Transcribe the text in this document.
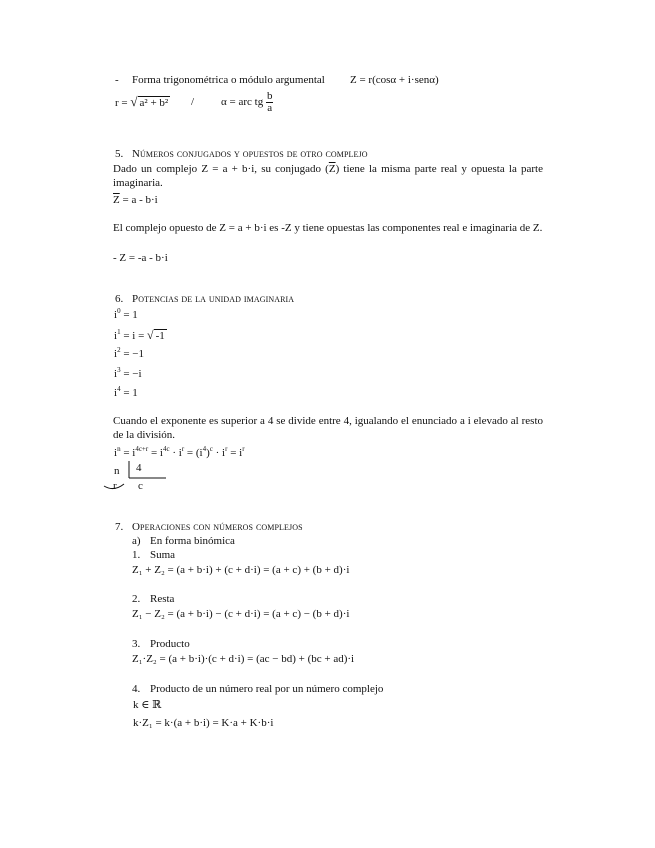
- Forma trigonométrica o módulo argumental Z = r(cosα + i·senα)
r = √ a² + b² / α = arc tg $\frac{b}{a}$
5. Números conjugados y opuestos de otro complejo
Dado un complejo Z = a + b·i, su conjugado $(\overline{Z})$ tiene la misma parte real y opuesta la parte imaginaria.
$\overline{Z} = a - b\cdot i$
El complejo opuesto de Z = a + b·i es -Z y tiene opuestas las componentes real e imaginaria de Z.
- Z = -a - b·i
6. Potencias de la unidad imaginaria
$i^0 = 1$
$i^1 = i$ = √ -1
$i^2 = -1$
$i^3 = -i$
$i^4 = 1$
Cuando el exponente es superior a 4 se divide entre 4, igualando el enunciado a i elevado al resto de la división.
$i^n = i^{4c+r} = i^{4c} \cdot i^r = (i^4)^c \cdot i^r = i^r$
n 4
r c
7. Operaciones con números complejos
a) En forma binómica
1. Suma
Z₁ + Z₂ = (a + b·i) + (c + d·i) = (a + c) + (b + d)·i
2. Resta
Z₁ − Z₂ = (a + b·i) − (c + d·i) = (a + c) − (b + d)·i
3. Producto
Z₁·Z₂ = (a + b·i)·(c + d·i) = (ac − bd) + (bc + ad)·i
4. Producto de un número real por un número complejo
k ∈ ℝ
k·Z₁ = k·(a + b·i) = K·a + K·b·i
